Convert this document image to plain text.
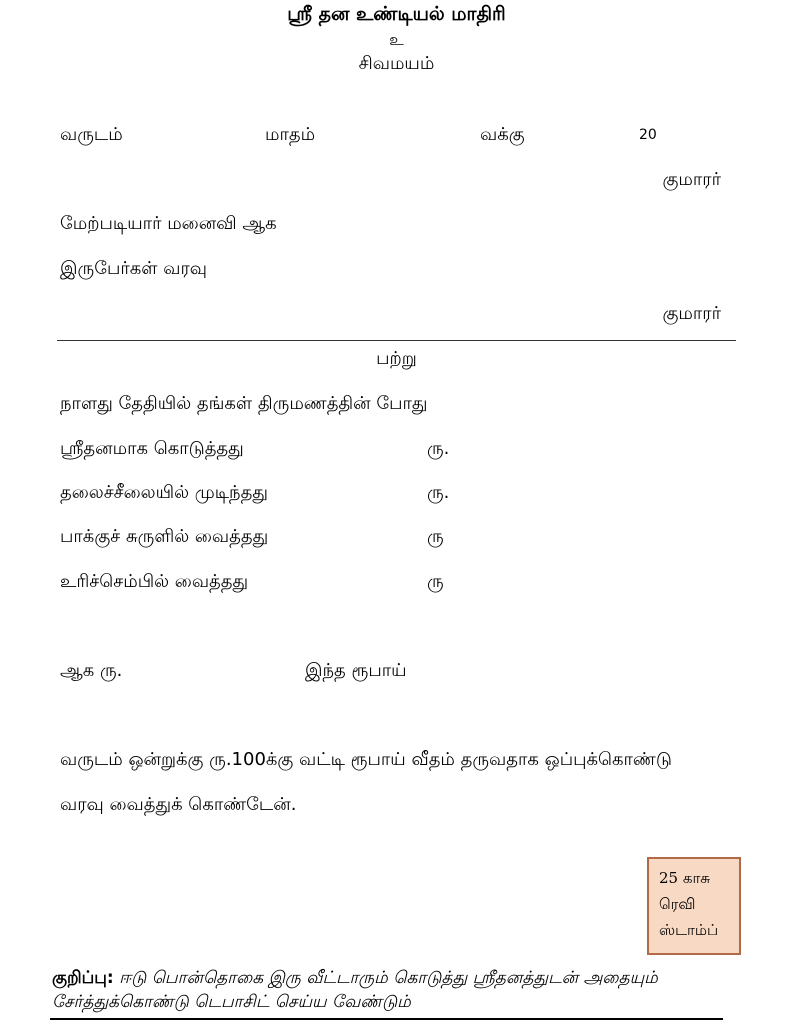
ஸ்ரீ தன உண்டியல் மாதிரி
உ
சிவமயம்
வருடம்	மாதம்	வக்கு	20
குமாரர்
மேற்படியார் மனைவி ஆக
இருபேர்கள் வரவு
குமாரர்
பற்று
நாளது தேதியில் தங்கள் திருமணத்தின் போது
ஸ்ரீதனமாக கொடுத்தது	ரு.
தலைச்சீலையில் முடிந்தது	ரு.
பாக்குச் சுருளில் வைத்தது	ரு
உரிச்செம்பில் வைத்தது	ரு
ஆக ரு.	இந்த ரூபாய்
வருடம் ஒன்றுக்கு ரு.100க்கு வட்டி ரூபாய் வீதம் தருவதாக ஒப்புக்கொண்டு
வரவு வைத்துக் கொண்டேன்.
25 காசு
ரெவி
ஸ்டாம்ப்
குறிப்பு: ஈடு பொன்தொகை இரு வீட்டாரும் கொடுத்து ஸ்ரீதனத்துடன் அதையும் சேர்த்துக்கொண்டு டெபாசிட் செய்ய வேண்டும்
